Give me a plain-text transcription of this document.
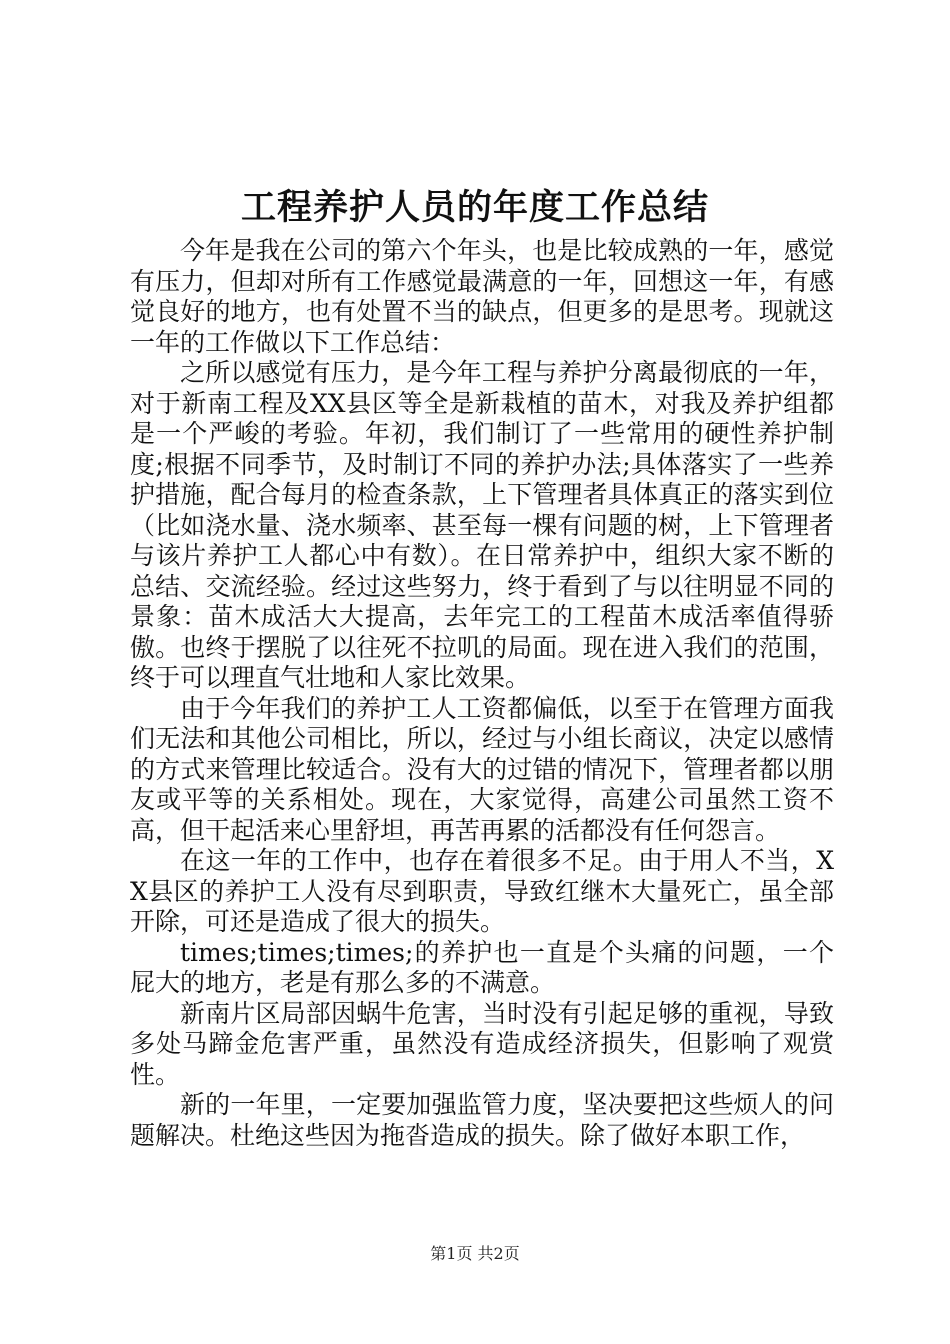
工程养护人员的年度工作总结

今年是我在公司的第六个年头，也是比较成熟的一年，感觉有压力，但却对所有工作感觉最满意的一年，回想这一年，有感觉良好的地方，也有处置不当的缺点，但更多的是思考。现就这一年的工作做以下工作总结：

之所以感觉有压力，是今年工程与养护分离最彻底的一年，对于新南工程及XX县区等全是新栽植的苗木，对我及养护组都是一个严峻的考验。年初，我们制订了一些常用的硬性养护制度;根据不同季节，及时制订不同的养护办法;具体落实了一些养护措施，配合每月的检查条款，上下管理者具体真正的落实到位（比如浇水量、浇水频率、甚至每一棵有问题的树，上下管理者与该片养护工人都心中有数）。在日常养护中，组织大家不断的总结、交流经验。经过这些努力，终于看到了与以往明显不同的景象：苗木成活大大提高，去年完工的工程苗木成活率值得骄傲。也终于摆脱了以往死不拉叽的局面。现在进入我们的范围，终于可以理直气壮地和人家比效果。

由于今年我们的养护工人工资都偏低，以至于在管理方面我们无法和其他公司相比，所以，经过与小组长商议，决定以感情的方式来管理比较适合。没有大的过错的情况下，管理者都以朋友或平等的关系相处。现在，大家觉得，高建公司虽然工资不高，但干起活来心里舒坦，再苦再累的活都没有任何怨言。

在这一年的工作中，也存在着很多不足。由于用人不当，XX县区的养护工人没有尽到职责，导致红继木大量死亡，虽全部开除，可还是造成了很大的损失。

times;times;times;的养护也一直是个头痛的问题，一个屁大的地方，老是有那么多的不满意。

新南片区局部因蜗牛危害，当时没有引起足够的重视，导致多处马蹄金危害严重，虽然没有造成经济损失，但影响了观赏性。

新的一年里，一定要加强监管力度，坚决要把这些烦人的问题解决。杜绝这些因为拖沓造成的损失。除了做好本职工作，

第1页 共2页
